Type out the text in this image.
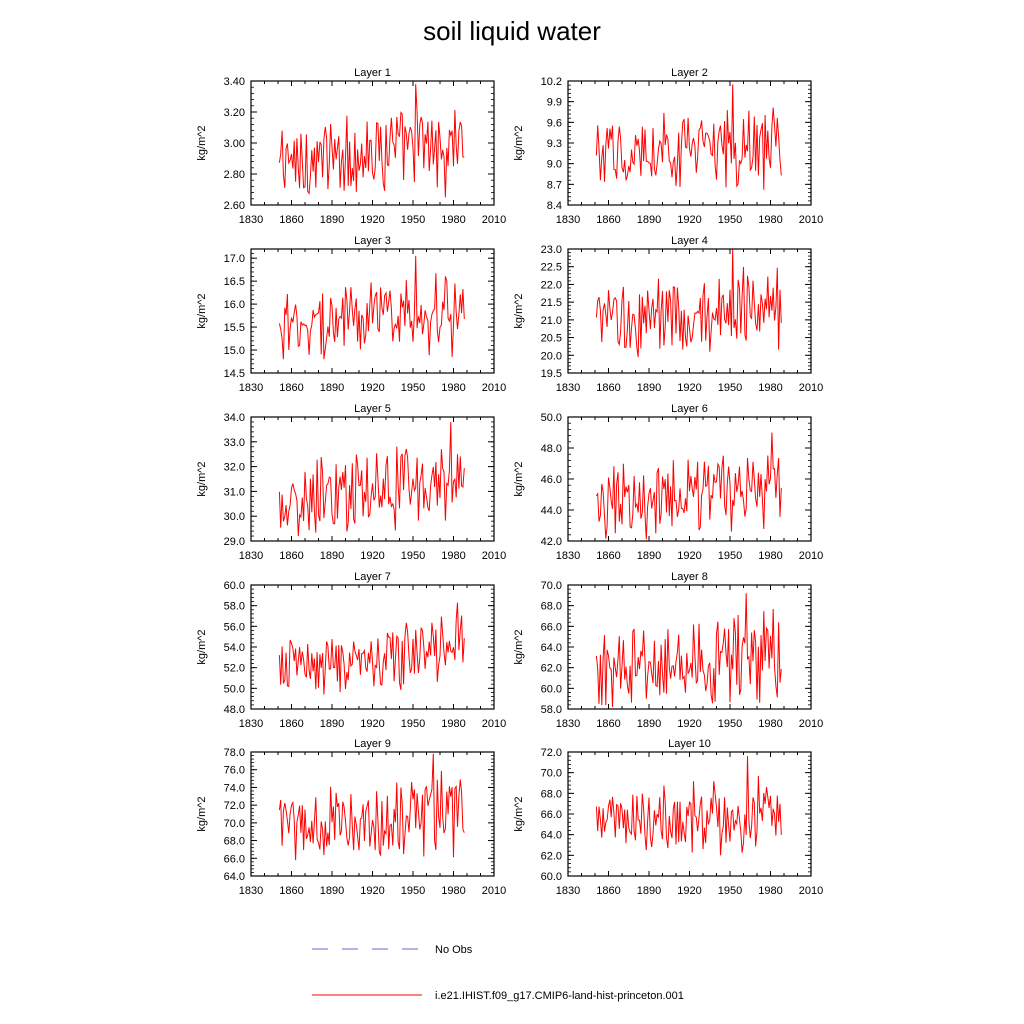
soil liquid water
Layer 1
kg/m^2
1830 1860 1890 1920 1950 1980 2010
2.60
2.80
3.00
3.20
3.40
Layer 2
kg/m^2
1830 1860 1890 1920 1950 1980 2010
8.4
8.7
9.0
9.3
9.6
9.9
10.2
Layer 3
kg/m^2
1830 1860 1890 1920 1950 1980 2010
14.5
15.0
15.5
16.0
16.5
17.0
Layer 4
kg/m^2
1830 1860 1890 1920 1950 1980 2010
19.5
20.0
20.5
21.0
21.5
22.0
22.5
23.0
Layer 5
kg/m^2
1830 1860 1890 1920 1950 1980 2010
29.0
30.0
31.0
32.0
33.0
34.0
Layer 6
kg/m^2
1830 1860 1890 1920 1950 1980 2010
42.0
44.0
46.0
48.0
50.0
Layer 7
kg/m^2
1830 1860 1890 1920 1950 1980 2010
48.0
50.0
52.0
54.0
56.0
58.0
60.0
Layer 8
kg/m^2
1830 1860 1890 1920 1950 1980 2010
58.0
60.0
62.0
64.0
66.0
68.0
70.0
Layer 9
kg/m^2
1830 1860 1890 1920 1950 1980 2010
64.0
66.0
68.0
70.0
72.0
74.0
76.0
78.0
Layer 10
kg/m^2
1830 1860 1890 1920 1950 1980 2010
60.0
62.0
64.0
66.0
68.0
70.0
72.0
No Obs
i.e21.IHIST.f09_g17.CMIP6-land-hist-princeton.001
